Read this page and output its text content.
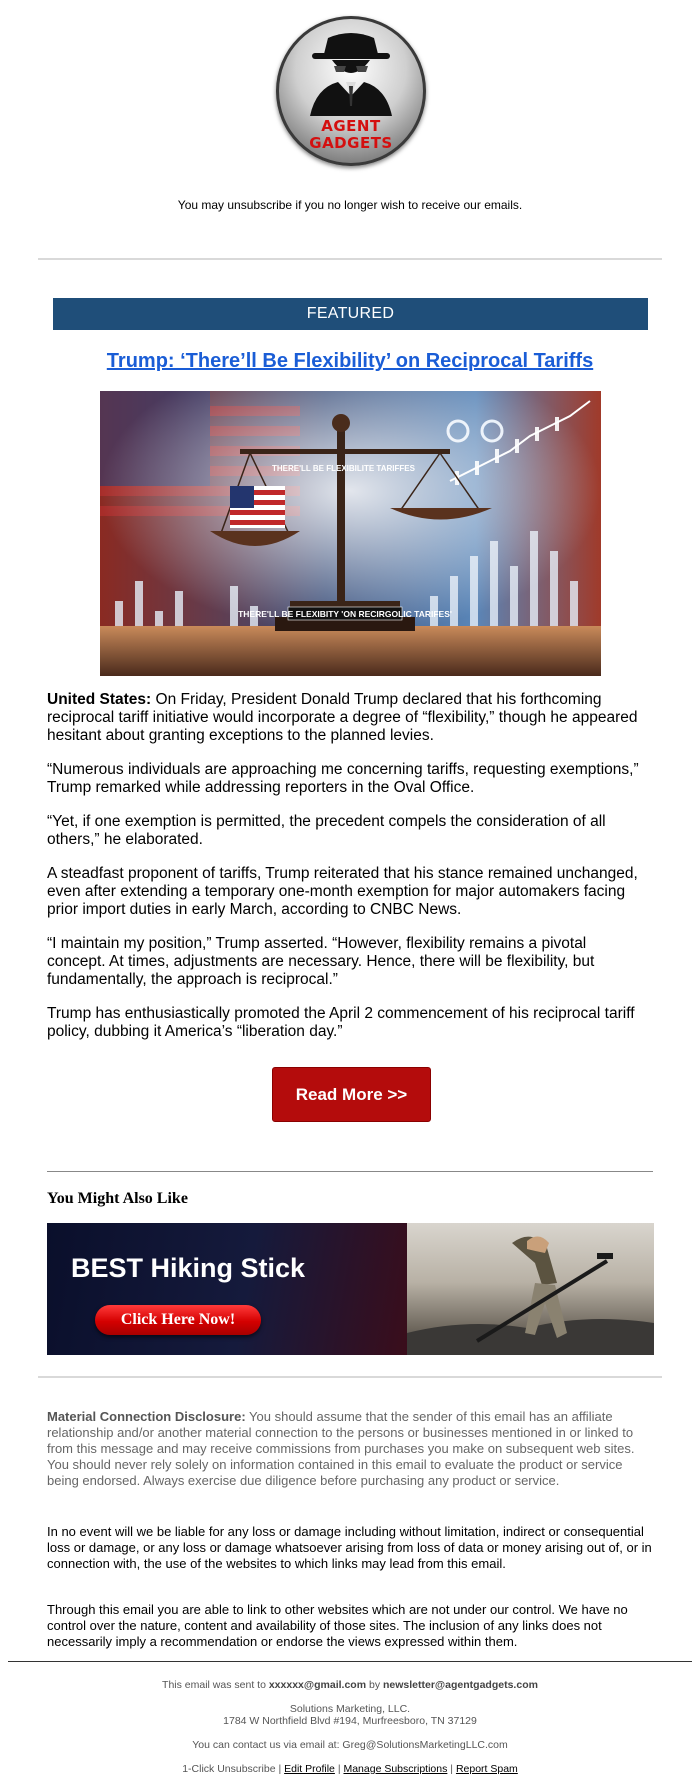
AGENT
GADGETS
You may unsubscribe if you no longer wish to receive our emails.
FEATURED
Trump: ‘There’ll Be Flexibility’ on Reciprocal Tariffs
THERE'LL BE FLEXIBILITE TARIFFES
THERE'LL BE FLEXIBITY 'ON RECIRGOLIC TARIFES'

United States: On Friday, President Donald Trump declared that his forthcoming reciprocal tariff initiative would incorporate a degree of “flexibility,” though he appeared hesitant about granting exceptions to the planned levies.

“Numerous individuals are approaching me concerning tariffs, requesting exemptions,” Trump remarked while addressing reporters in the Oval Office.

“Yet, if one exemption is permitted, the precedent compels the consideration of all others,” he elaborated.

A steadfast proponent of tariffs, Trump reiterated that his stance remained unchanged, even after extending a temporary one-month exemption for major automakers facing prior import duties in early March, according to CNBC News.

“I maintain my position,” Trump asserted. “However, flexibility remains a pivotal concept. At times, adjustments are necessary. Hence, there will be flexibility, but fundamentally, the approach is reciprocal.”

Trump has enthusiastically promoted the April 2 commencement of his reciprocal tariff policy, dubbing it America’s “liberation day.”

Read More >>
You Might Also Like
BEST Hiking Stick
Click Here Now!
Material Connection Disclosure: You should assume that the sender of this email has an affiliate relationship and/or another material connection to the persons or businesses mentioned in or linked to from this message and may receive commissions from purchases you make on subsequent web sites. You should never rely solely on information contained in this email to evaluate the product or service being endorsed. Always exercise due diligence before purchasing any product or service.
In no event will we be liable for any loss or damage including without limitation, indirect or consequential loss or damage, or any loss or damage whatsoever arising from loss of data or money arising out of, or in connection with, the use of the websites to which links may lead from this email.
Through this email you are able to link to other websites which are not under our control. We have no control over the nature, content and availability of those sites. The inclusion of any links does not necessarily imply a recommendation or endorse the views expressed within them.
This email was sent to xxxxxx@gmail.com by newsletter@agentgadgets.com
Solutions Marketing, LLC.
1784 W Northfield Blvd #194, Murfreesboro, TN 37129
You can contact us via email at: Greg@SolutionsMarketingLLC.com
1-Click Unsubscribe | Edit Profile | Manage Subscriptions | Report Spam
